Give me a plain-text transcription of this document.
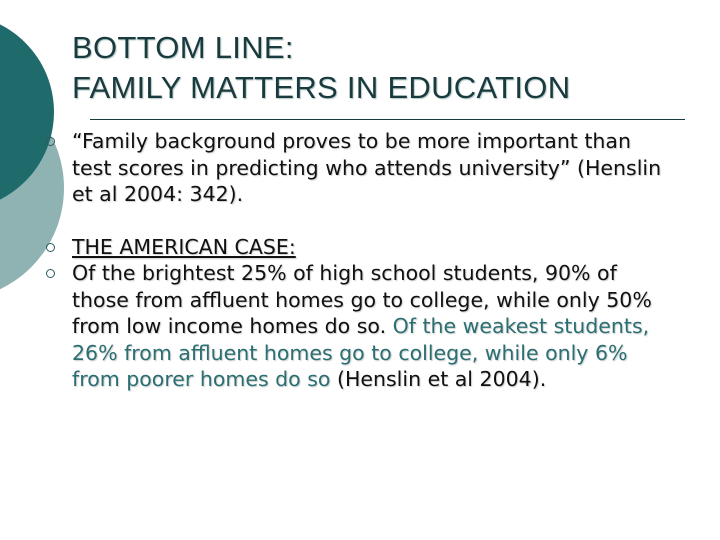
BOTTOM LINE:
FAMILY MATTERS IN EDUCATION
“Family background proves to be more important than test scores in predicting who attends university” (Henslin et al 2004: 342).
THE AMERICAN CASE:
Of the brightest 25% of high school students, 90% of those from affluent homes go to college, while only 50% from low income homes do so. Of the weakest students, 26% from affluent homes go to college, while only 6% from poorer homes do so (Henslin et al 2004).
